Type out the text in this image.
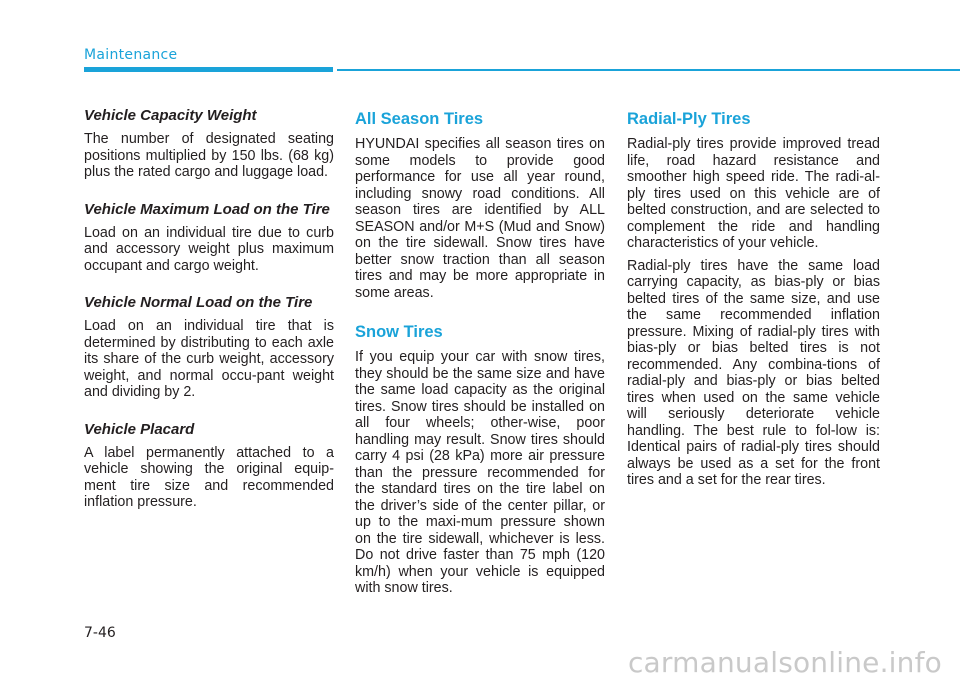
Maintenance
Vehicle Capacity Weight

The number of designated seating positions multiplied by 150 lbs. (68 kg) plus the rated cargo and luggage load.

Vehicle Maximum Load on the Tire

Load on an individual tire due to curb and accessory weight plus maximum occupant and cargo weight.

Vehicle Normal Load on the Tire

Load on an individual tire that is determined by distributing to each axle its share of the curb weight, accessory weight, and normal occu-pant weight and dividing by 2.

Vehicle Placard

A label permanently attached to a vehicle showing the original equip-ment tire size and recommended inflation pressure.

All Season Tires

HYUNDAI specifies all season tires on some models to provide good performance for use all year round, including snowy road conditions. All season tires are identified by ALL SEASON and/or M+S (Mud and Snow) on the tire sidewall. Snow tires have better snow traction than all season tires and may be more appropriate in some areas.

Snow Tires

If you equip your car with snow tires, they should be the same size and have the same load capacity as the original tires. Snow tires should be installed on all four wheels; other-wise, poor handling may result. Snow tires should carry 4 psi (28 kPa) more air pressure than the pressure recommended for the standard tires on the tire label on the driver’s side of the center pillar, or up to the maxi-mum pressure shown on the tire sidewall, whichever is less. Do not drive faster than 75 mph (120 km/h) when your vehicle is equipped with snow tires.

Radial-Ply Tires

Radial-ply tires provide improved tread life, road hazard resistance and smoother high speed ride. The radi-al-ply tires used on this vehicle are of belted construction, and are selected to complement the ride and handling characteristics of your vehicle.

Radial-ply tires have the same load carrying capacity, as bias-ply or bias belted tires of the same size, and use the same recommended inflation pressure. Mixing of radial-ply tires with bias-ply or bias belted tires is not recommended. Any combina-tions of radial-ply and bias-ply or bias belted tires when used on the same vehicle will seriously deteriorate vehicle handling. The best rule to fol-low is: Identical pairs of radial-ply tires should always be used as a set for the front tires and a set for the rear tires.

7-46
carmanualsonline.info
